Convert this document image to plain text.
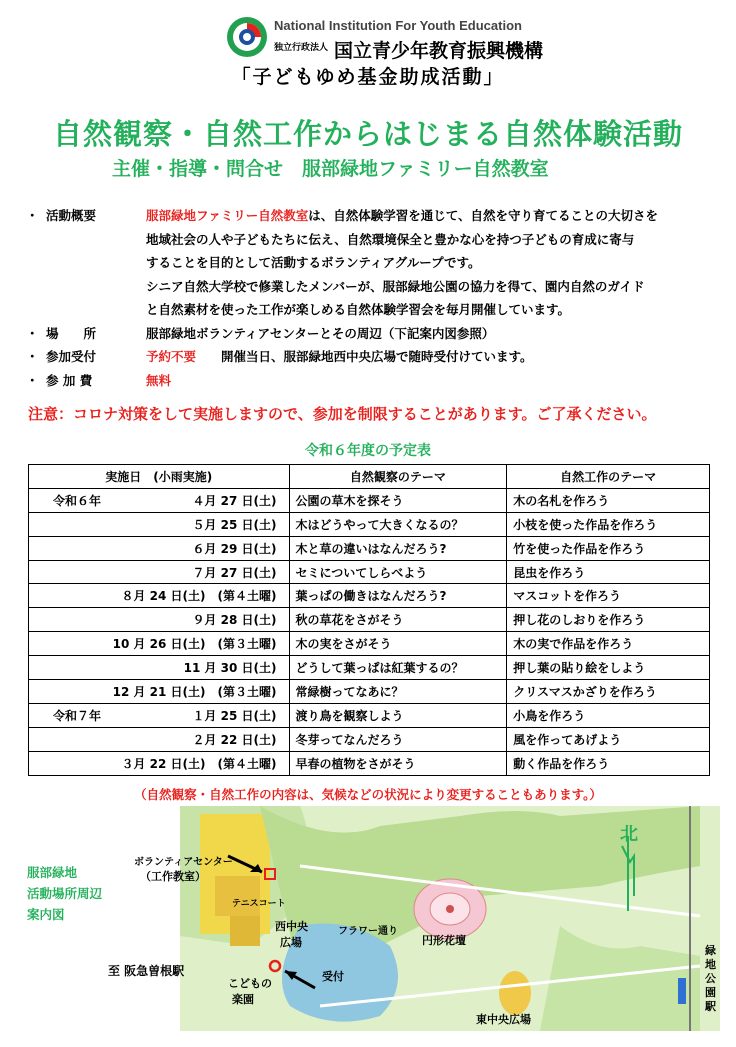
National Institution For Youth Education
独立行政法人 国立青少年教育振興機構
「子どもゆめ基金助成活動」
自然観察・自然工作からはじまる自然体験活動
主催・指導・問合せ　服部緑地ファミリー自然教室
・ 活動概要	服部緑地ファミリー自然教室は、自然体験学習を通じて、自然を守り育てることの大切さを
地域社会の人や子どもたちに伝え、自然環境保全と豊かな心を持つ子どもの育成に寄与
することを目的として活動するボランティアグループです。
シニア自然大学校で修業したメンバーが、服部緑地公園の協力を得て、園内自然のガイド
と自然素材を使った工作が楽しめる自然体験学習会を毎月開催しています。
・ 場　　所	服部緑地ボランティアセンターとその周辺（下記案内図参照）
・ 参加受付	予約不要　　 開催当日、服部緑地西中央広場で随時受付けています。
・ 参 加 費	無料
注意：コロナ対策をして実施しますので、参加を制限することがあります。ご了承ください。
令和６年度の予定表
実施日　(小雨実施)	自然観察のテーマ	自然工作のテーマ

令和６年 ４月 27 日(土)	公園の草木を探そう	木の名札を作ろう

５月 25 日(土)	木はどうやって大きくなるの？	小枝を使った作品を作ろう

６月 29 日(土)	木と草の違いはなんだろう?	竹を使った作品を作ろう

７月 27 日(土)	セミについてしらべよう	昆虫を作ろう

８月 24 日(土)　(第４土曜)	葉っぱの働きはなんだろう?	マスコットを作ろう

９月 28 日(土)	秋の草花をさがそう	押し花のしおりを作ろう

10 月 26 日(土)　(第３土曜)	木の実をさがそう	木の実で作品を作ろう

11 月 30 日(土)	どうして葉っぱは紅葉するの？	押し葉の貼り絵をしよう

12 月 21 日(土)　(第３土曜)	常緑樹ってなあに？	クリスマスかざりを作ろう

令和７年 １月 25 日(土)	渡り鳥を観察しよう	小鳥を作ろう

２月 22 日(土)	冬芽ってなんだろう	風を作ってあげよう

３月 22 日(土)　(第４土曜)	早春の植物をさがそう	動く作品を作ろう
（自然観察・自然工作の内容は、気候などの状況により変更することもあります。）
服部緑地
活動場所周辺
案内図
ボランティアセンター
（工作教室）
テニスコート
西中央
広場
フラワー通り
円形花壇
こどもの
楽園
受付
至 阪急曽根駅
東中央広場
緑地公園駅
北
